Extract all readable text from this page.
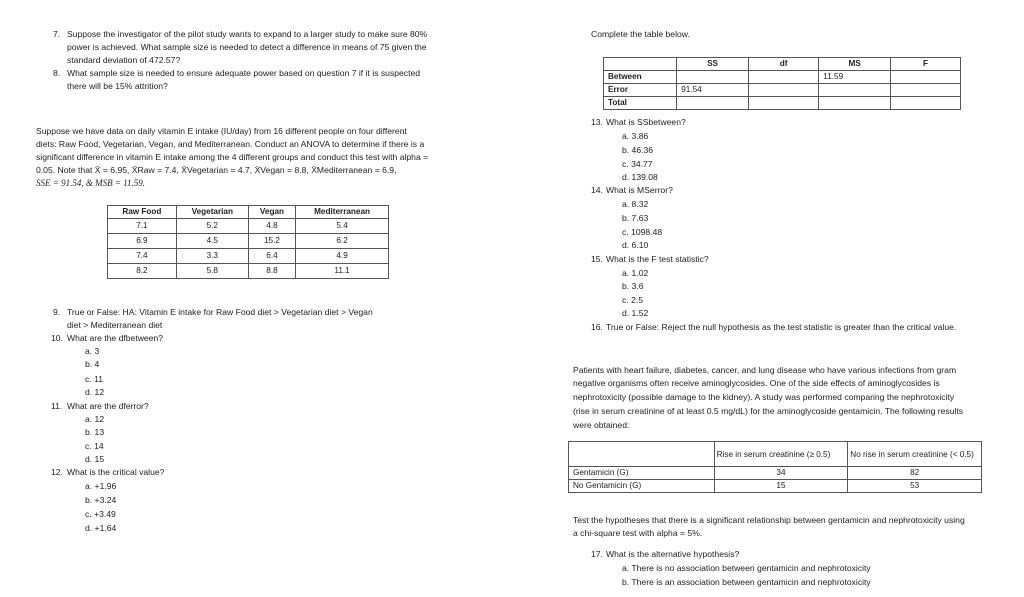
7. Suppose the investigator of the pilot study wants to expand to a larger study to make sure 80%
power is achieved. What sample size is needed to detect a difference in means of 75 given the
standard deviation of 472.57?
8. What sample size is needed to ensure adequate power based on question 7 if it is suspected
there will be 15% attrition?
Suppose we have data on daily vitamin E intake (IU/day) from 16 different people on four different
diets: Raw Food, Vegetarian, Vegan, and Mediterranean. Conduct an ANOVA to determine if there is a
significant difference in vitamin E intake among the 4 different groups and conduct this test with alpha =
0.05. Note that X̄ = 6.95, X̄Raw = 7.4, X̄Vegetarian = 4.7, X̄Vegan = 8.8, X̄Mediterranean = 6.9,
SSE = 91.54, & MSB = 11.59.
Raw Food	Vegetarian	Vegan	Mediterranean
7.1	5.2	4.8	5.4
6.9	4.5	15.2	6.2
7.4	3.3	6.4	4.9
8.2	5.8	8.8	11.1
9. True or False: HA: Vitamin E intake for Raw Food diet > Vegetarian diet > Vegan
diet > Mediterranean diet
10. What are the dfbetween?
a. 3
b. 4
c. 11
d. 12
11. What are the dferror?
a. 12
b. 13
c. 14
d. 15
12. What is the critical value?
a. +1.96
b. +3.24
c. +3.49
d. +1.64
Complete the table below.
	SS	df	MS	F
Between			11.59	
Error	91.54			
Total				
13. What is SSbetween?
a. 3.86
b. 46.36
c. 34.77
d. 139.08
14. What is MSerror?
a. 8.32
b. 7.63
c. 1098.48
d. 6.10
15. What is the F test statistic?
a. 1.02
b. 3.6
c. 2.5
d. 1.52
16. True or False: Reject the null hypothesis as the test statistic is greater than the critical value.
Patients with heart failure, diabetes, cancer, and lung disease who have various infections from gram
negative organisms often receive aminoglycosides. One of the side effects of aminoglycosides is
nephrotoxicity (possible damage to the kidney). A study was performed comparing the nephrotoxicity
(rise in serum creatinine of at least 0.5 mg/dL) for the aminoglycoside gentamicin. The following results
were obtained:
	Rise in serum creatinine (≥ 0.5)	No rise in serum creatinine (< 0.5)
Gentamicin (G)	34	82
No Gentamicin (G)	15	53
Test the hypotheses that there is a significant relationship between gentamicin and nephrotoxicity using
a chi-square test with alpha = 5%.
17. What is the alternative hypothesis?
a. There is no association between gentamicin and nephrotoxicity
b. There is an association between gentamicin and nephrotoxicity
